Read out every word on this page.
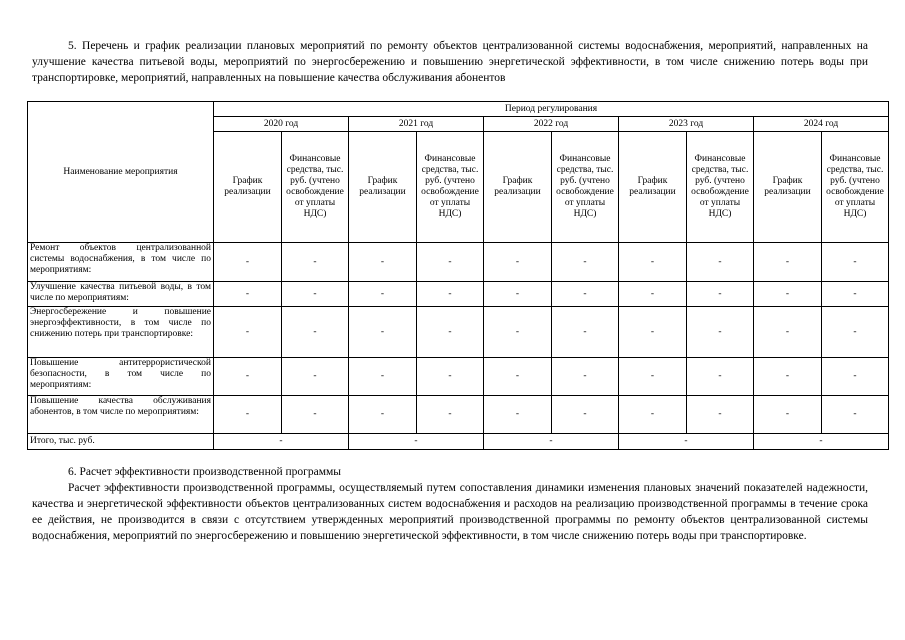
5. Перечень и график реализации плановых мероприятий по ремонту объектов централизованной системы водоснабжения, мероприятий, направленных на улучшение качества питьевой воды, мероприятий по энергосбережению и повышению энергетической эффективности, в том числе снижению потерь воды при транспортировке, мероприятий, направленных на повышение качества обслуживания абонентов
Наименование мероприятия	Период регулирования									
	2020 год		2021 год		2022 год		2023 год		2024 год	
	График реализации	Финансовые средства, тыс. руб. (учтено освобождение от уплаты НДС)	График реализации	Финансовые средства, тыс. руб. (учтено освобождение от уплаты НДС)	График реализации	Финансовые средства, тыс. руб. (учтено освобождение от уплаты НДС)	График реализации	Финансовые средства, тыс. руб. (учтено освобождение от уплаты НДС)	График реализации	Финансовые средства, тыс. руб. (учтено освобождение от уплаты НДС)
Ремонт объектов централизованной системы водоснабжения, в том числе по мероприятиям:	-	-	-	-	-	-	-	-	-	-
Улучшение качества питьевой воды, в том числе по мероприятиям:	-	-	-	-	-	-	-	-	-	-
Энергосбережение и повышение энергоэффективности, в том числе по снижению потерь при транспортировке:	-	-	-	-	-	-	-	-	-	-
Повышение антитеррористической безопасности, в том числе по мероприятиям:	-	-	-	-	-	-	-	-	-	-
Повышение качества обслуживания абонентов, в том числе по мероприятиям:	-	-	-	-	-	-	-	-	-	-
Итого, тыс. руб.	-		-		-		-		-	
6. Расчет эффективности производственной программы
Расчет эффективности производственной программы, осуществляемый путем сопоставления динамики изменения плановых значений показателей надежности, качества и энергетической эффективности объектов централизованных систем водоснабжения и расходов на реализацию производственной программы в течение срока ее действия, не производится в связи с отсутствием утвержденных мероприятий производственной программы по ремонту объектов централизованной системы водоснабжения, мероприятий по энергосбережению и повышению энергетической эффективности, в том числе снижению потерь воды при транспортировке.
